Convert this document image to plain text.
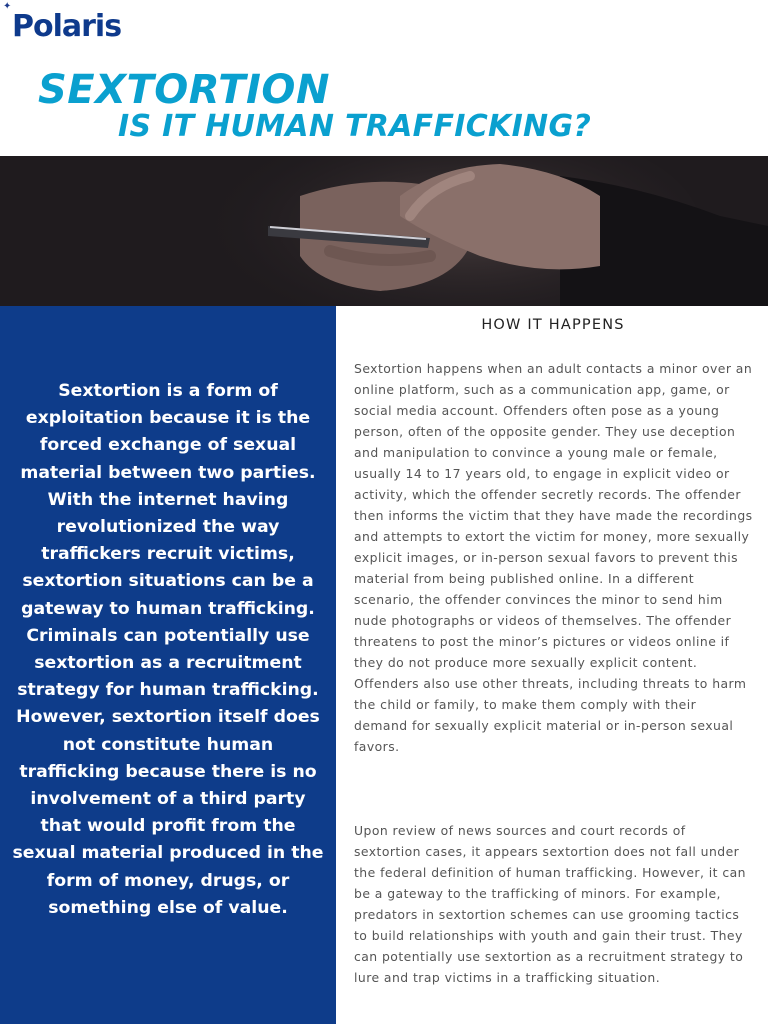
✦
Polaris
SEXTORTION
IS IT HUMAN TRAFFICKING?

Sextortion is a form of exploitation because it is the forced exchange of sexual material between two parties. With the internet having revolutionized the way traffickers recruit victims, sextortion situations can be a gateway to human trafficking. Criminals can potentially use sextortion as a recruitment strategy for human trafficking. However, sextortion itself does not constitute human trafficking because there is no involvement of a third party that would profit from the sexual material produced in the form of money, drugs, or something else of value.

HOW IT HAPPENS

Sextortion happens when an adult contacts a minor over an online platform, such as a communication app, game, or social media account. Offenders often pose as a young person, often of the opposite gender. They use deception and manipulation to convince a young male or female, usually 14 to 17 years old, to engage in explicit video or activity, which the offender secretly records. The offender then informs the victim that they have made the recordings and attempts to extort the victim for money, more sexually explicit images, or in-person sexual favors to prevent this material from being published online. In a different scenario, the offender convinces the minor to send him nude photographs or videos of themselves. The offender threatens to post the minor’s pictures or videos online if they do not produce more sexually explicit content. Offenders also use other threats, including threats to harm the child or family, to make them comply with their demand for sexually explicit material or in-person sexual favors.

Upon review of news sources and court records of sextortion cases, it appears sextortion does not fall under the federal definition of human trafficking. However, it can be a gateway to the trafficking of minors. For example, predators in sextortion schemes can use grooming tactics to build relationships with youth and gain their trust. They can potentially use sextortion as a recruitment strategy to lure and trap victims in a trafficking situation.
